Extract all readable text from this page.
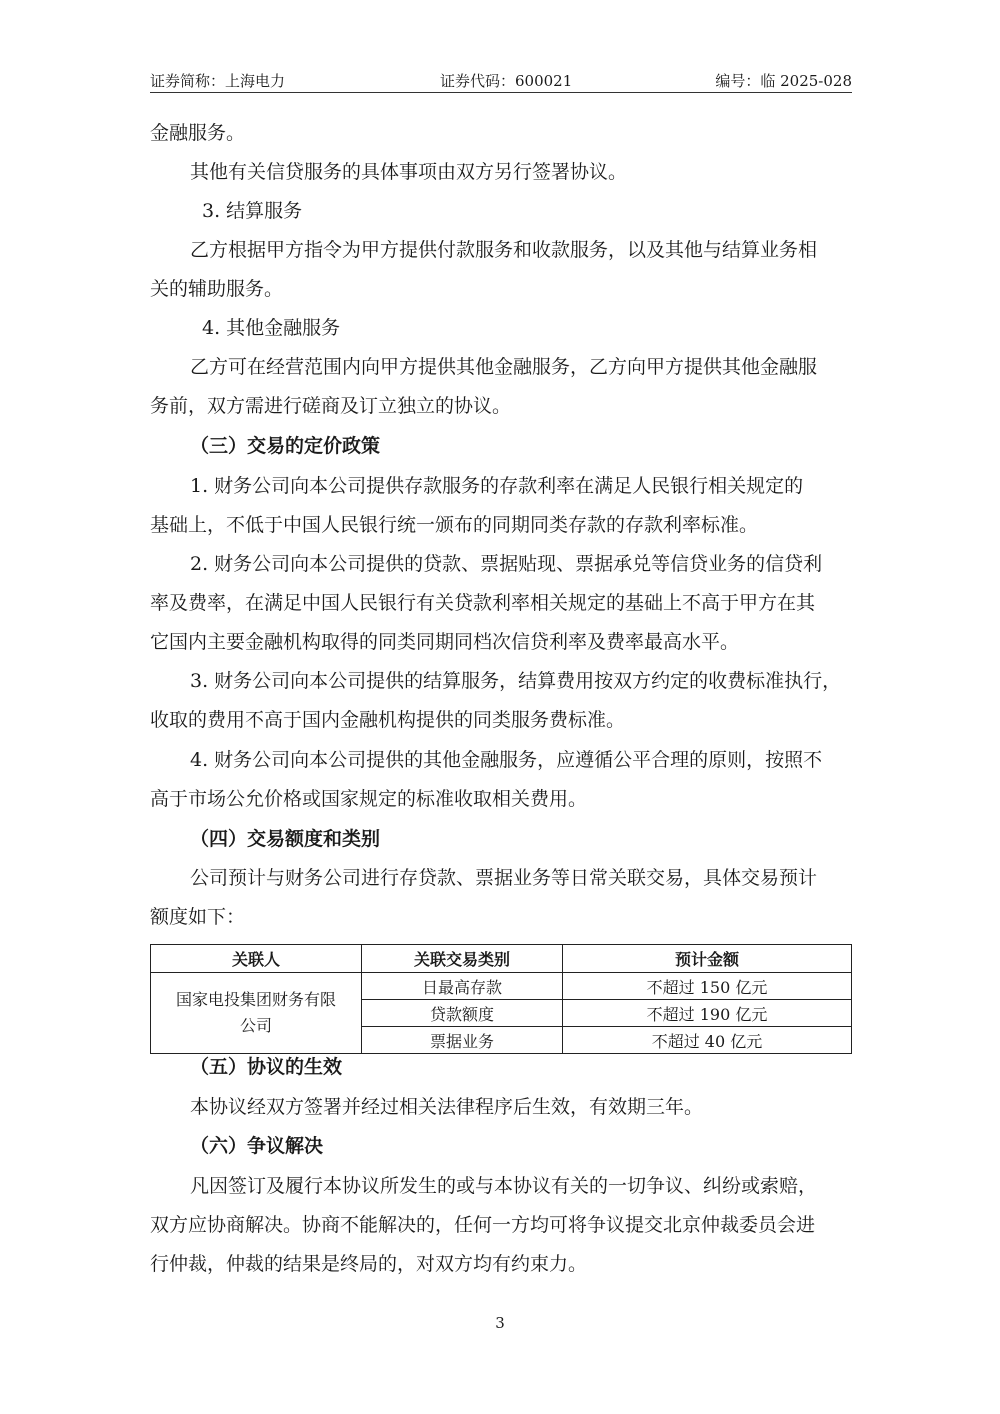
证券简称：上海电力	证券代码：600021	编号：临 2025-028
金融服务。
其他有关信贷服务的具体事项由双方另行签署协议。
3. 结算服务
乙方根据甲方指令为甲方提供付款服务和收款服务，以及其他与结算业务相
关的辅助服务。
4. 其他金融服务
乙方可在经营范围内向甲方提供其他金融服务，乙方向甲方提供其他金融服
务前，双方需进行磋商及订立独立的协议。
（三）交易的定价政策
1. 财务公司向本公司提供存款服务的存款利率在满足人民银行相关规定的
基础上，不低于中国人民银行统一颁布的同期同类存款的存款利率标准。
2. 财务公司向本公司提供的贷款、票据贴现、票据承兑等信贷业务的信贷利
率及费率，在满足中国人民银行有关贷款利率相关规定的基础上不高于甲方在其
它国内主要金融机构取得的同类同期同档次信贷利率及费率最高水平。
3. 财务公司向本公司提供的结算服务，结算费用按双方约定的收费标准执行，
收取的费用不高于国内金融机构提供的同类服务费标准。
4. 财务公司向本公司提供的其他金融服务，应遵循公平合理的原则，按照不
高于市场公允价格或国家规定的标准收取相关费用。
（四）交易额度和类别
公司预计与财务公司进行存贷款、票据业务等日常关联交易，具体交易预计
额度如下：
关联人	关联交易类别	预计金额
国家电投集团财务有限
公司	日最高存款	不超过 150 亿元
	贷款额度	不超过 190 亿元
	票据业务	不超过 40 亿元
（五）协议的生效
本协议经双方签署并经过相关法律程序后生效，有效期三年。
（六）争议解决
凡因签订及履行本协议所发生的或与本协议有关的一切争议、纠纷或索赔，
双方应协商解决。协商不能解决的，任何一方均可将争议提交北京仲裁委员会进
行仲裁，仲裁的结果是终局的，对双方均有约束力。
3
